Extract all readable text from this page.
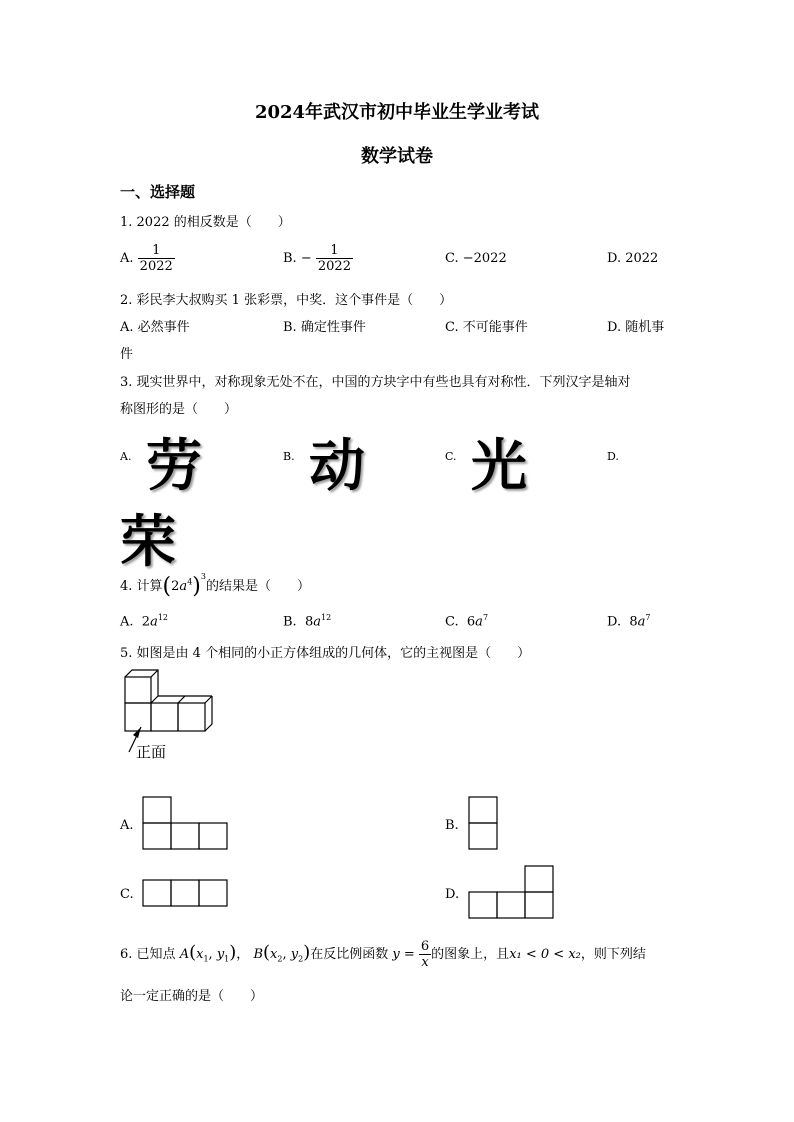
2024年武汉市初中毕业生学业考试
数学试卷
一、选择题
1. 2022 的相反数是（　　）
A. $\frac{1}{2022}$	B. − $\frac{1}{2022}$	C. −2022	D. 2022
2. 彩民李大叔购买 1 张彩票，中奖．这个事件是（　　）
A. 必然事件	B. 确定性事件	C. 不可能事件	D. 随机事
件
3. 现实世界中，对称现象无处不在，中国的方块字中有些也具有对称性．下列汉字是轴对
称图形的是（　　）
A. 劳	B. 动	C. 光	D.
荣
4. 计算$(2a^4)^3$的结果是（　　）
A. $2a^{12}$	B. $8a^{12}$	C. $6a^7$	D. $8a^7$
5. 如图是由 4 个相同的小正方体组成的几何体，它的主视图是（　　）
正面
A.	B.
C.	D.
6. 已知点 $A(x_1$, $y_1$)， $B(x_2$, $y_2$)在反比例函数 $y = \frac{6}{x}$ 的图象上，且x₁ < 0 < x₂，则下列结
论一定正确的是（　　）
